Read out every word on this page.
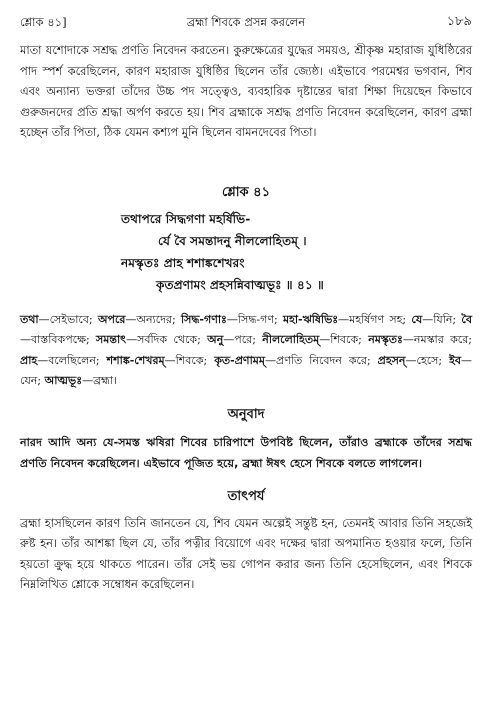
শ্লোক ৪১]	ব্রহ্মা শিবকে প্রসন্ন করলেন	১৮৯
মাতা যশোদাকে সশ্রদ্ধ প্রণতি নিবেদন করতেন। কুরুক্ষেত্রের যুদ্ধের সময়ও, শ্রীকৃষ্ণ মহারাজ যুধিষ্ঠিরের পাদ স্পর্শ করেছিলেন, কারণ মহারাজ যুধিষ্ঠির ছিলেন তাঁর জ্যেষ্ঠ। এইভাবে পরমেশ্বর ভগবান, শিব এবং অন্যান্য ভক্তরা তাঁদের উচ্চ পদ সত্ত্বেও, ব্যবহারিক দৃষ্টান্তের দ্বারা শিক্ষা দিয়েছেন কিভাবে গুরুজনদের প্রতি শ্রদ্ধা অর্পণ করতে হয়। শিব ব্রহ্মাকে সশ্রদ্ধ প্রণতি নিবেদন করেছিলেন, কারণ ব্রহ্মা হচ্ছেন তাঁর পিতা, ঠিক যেমন কশ্যপ মুনি ছিলেন বামনদেবের পিতা।
শ্লোক ৪১
তথাপরে সিদ্ধগণা মহর্ষিভি-
র্যে বৈ সমন্তাদনু নীললোহিতম্ ।
নমস্কৃতঃ প্রাহ শশাঙ্কশেখরং
কৃতপ্রণামং প্রহসন্নিবাত্মভূঃ ॥ ৪১ ॥
তথা—সেইভাবে; অপরে—অন্যদের; সিদ্ধ-গণাঃ—সিদ্ধ-গণ; মহা-ঋষিভিঃ—মহর্ষিগণ সহ; যে—যিনি; বৈ—বাস্তবিকপক্ষে; সমন্তাৎ—সর্বদিক থেকে; অনু—পরে; নীললোহিতম্—শিবকে; নমস্কৃতঃ—নমস্কার করে; প্রাহ—বলেছিলেন; শশাঙ্ক-শেখরম্—শিবকে; কৃত-প্রণামম্—প্রণতি নিবেদন করে; প্রহসন্—হেসে; ইব—যেন; আত্মভূঃ—ব্রহ্মা।
অনুবাদ
নারদ আদি অন্য যে-সমস্ত ঋষিরা শিবের চারিপাশে উপবিষ্ট ছিলেন, তাঁরাও ব্রহ্মাকে তাঁদের সশ্রদ্ধ প্রণতি নিবেদন করেছিলেন। এইভাবে পূজিত হয়ে, ব্রহ্মা ঈষৎ হেসে শিবকে বলতে লাগলেন।
তাৎপর্য
ব্রহ্মা হাসছিলেন কারণ তিনি জানতেন যে, শিব যেমন অল্পেই সন্তুষ্ট হন, তেমনই আবার তিনি সহজেই রুষ্ট হন। তাঁর আশঙ্কা ছিল যে, তাঁর পত্নীর বিয়োগে এবং দক্ষের দ্বারা অপমানিত হওয়ার ফলে, তিনি হয়তো ক্রুদ্ধ হয়ে থাকতে পারেন। তাঁর সেই ভয় গোপন করার জন্য তিনি হেসেছিলেন, এবং শিবকে নিম্নলিখিত শ্লোকে সম্বোধন করেছিলেন।
